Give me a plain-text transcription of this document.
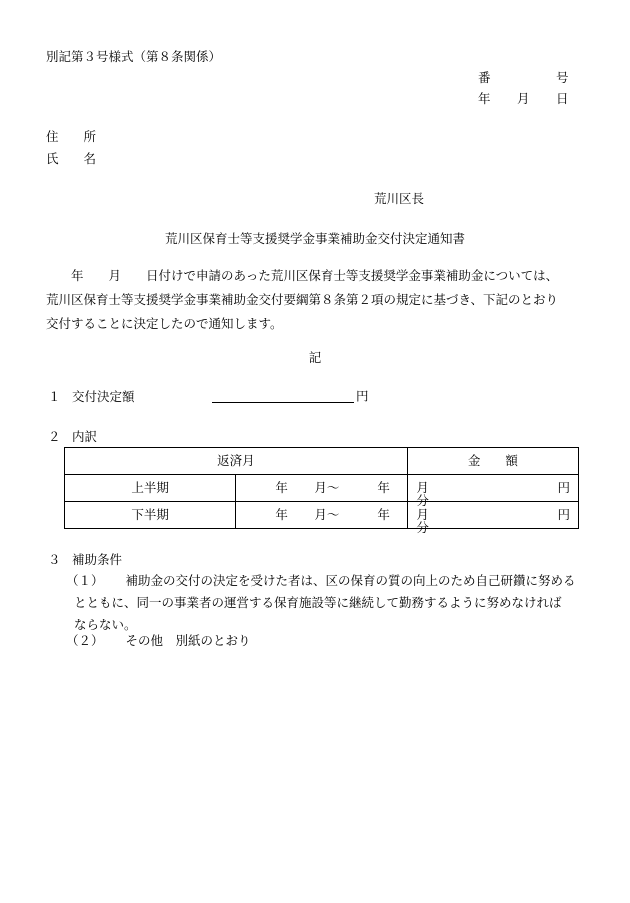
別記第３号様式（第８条関係）
番	号
年 月 日
住　　所
氏　　名
荒川区長
荒川区保育士等支援奨学金事業補助金交付決定通知書
　　年　　月　　日付けで申請のあった荒川区保育士等支援奨学金事業補助金については、
荒川区保育士等支援奨学金事業補助金交付要綱第８条第２項の規定に基づき、下記のとおり
交付することに決定したので通知します。
記
１ 交付決定額	円
２ 内訳
返済月		金　　額
上半期	年 月～ 年 月分	円
下半期	年 月～ 年 月分	円
３ 補助条件
（１） 補助金の交付の決定を受けた者は、区の保育の質の向上のため自己研鑽に努める
とともに、同一の事業者の運営する保育施設等に継続して勤務するように努めなければ
ならない。
（２） その他　別紙のとおり
